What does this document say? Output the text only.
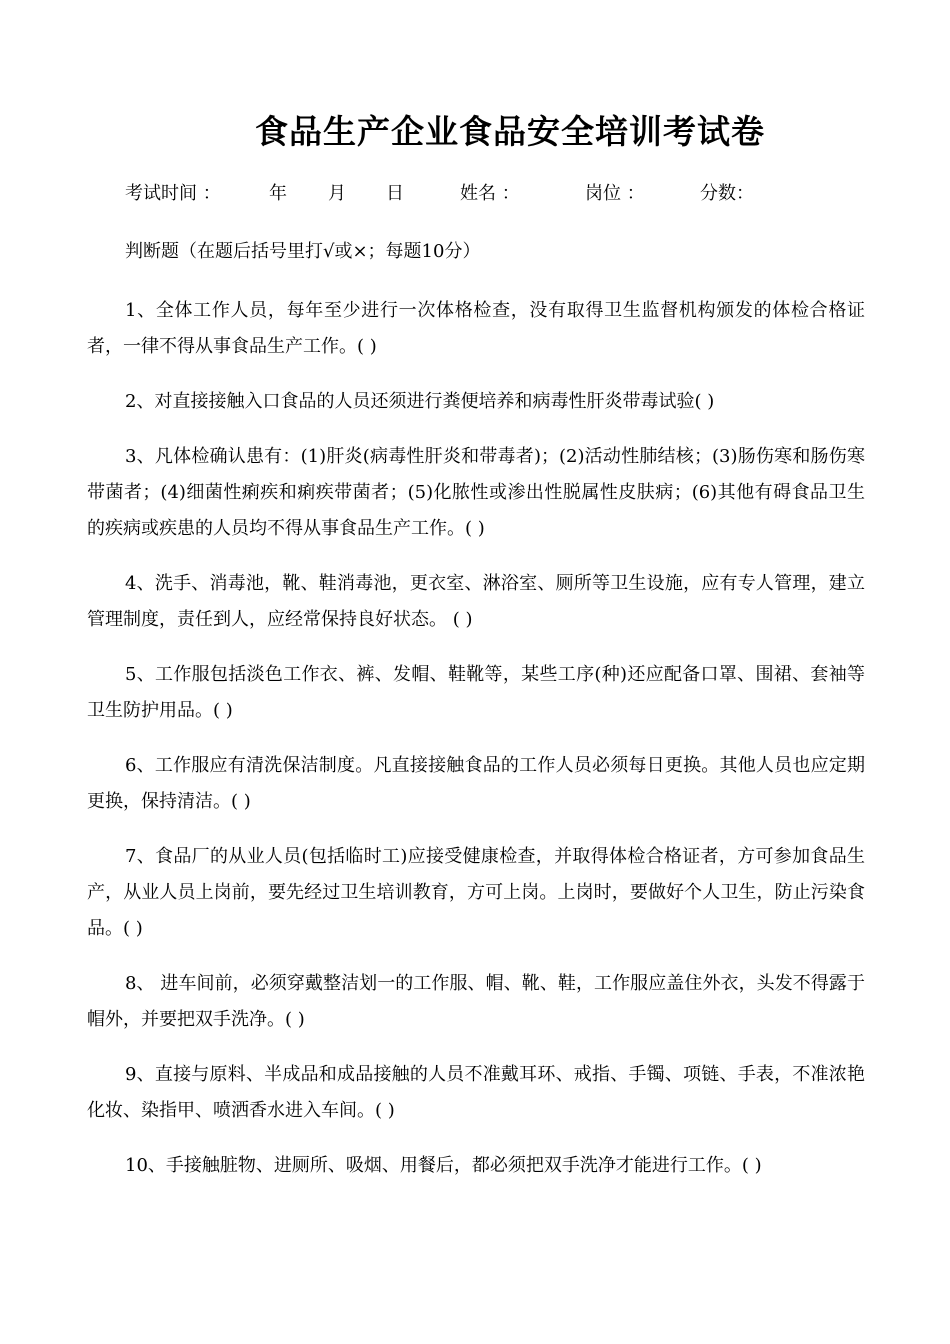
食品生产企业食品安全培训考试卷
考试时间 ：	年 月 日	姓名 ：	岗位 ：	分数：
判断题（在题后括号里打√或×；每题10分）

1、全体工作人员，每年至少进行一次体格检查，没有取得卫生监督机构颁发的体检合格证者，一律不得从事食品生产工作。( )

2、对直接接触入口食品的人员还须进行粪便培养和病毒性肝炎带毒试验( )

3、凡体检确认患有：(1)肝炎(病毒性肝炎和带毒者)；(2)活动性肺结核；(3)肠伤寒和肠伤寒带菌者；(4)细菌性痢疾和痢疾带菌者；(5)化脓性或渗出性脱属性皮肤病；(6)其他有碍食品卫生的疾病或疾患的人员均不得从事食品生产工作。( )

4、洗手、消毒池，靴、鞋消毒池，更衣室、淋浴室、厕所等卫生设施，应有专人管理，建立管理制度，责任到人，应经常保持良好状态。 ( )

5、工作服包括淡色工作衣、裤、发帽、鞋靴等，某些工序(种)还应配备口罩、围裙、套袖等卫生防护用品。( )

6、工作服应有清洗保洁制度。凡直接接触食品的工作人员必须每日更换。其他人员也应定期更换，保持清洁。( )

7、食品厂的从业人员(包括临时工)应接受健康检查，并取得体检合格证者，方可参加食品生产，从业人员上岗前，要先经过卫生培训教育，方可上岗。上岗时，要做好个人卫生，防止污染食品。( )

8、 进车间前，必须穿戴整洁划一的工作服、帽、靴、鞋，工作服应盖住外衣，头发不得露于帽外，并要把双手洗净。( )

9、直接与原料、半成品和成品接触的人员不准戴耳环、戒指、手镯、项链、手表，不准浓艳化妆、染指甲、喷洒香水进入车间。( )

10、手接触脏物、进厕所、吸烟、用餐后，都必须把双手洗净才能进行工作。( )
